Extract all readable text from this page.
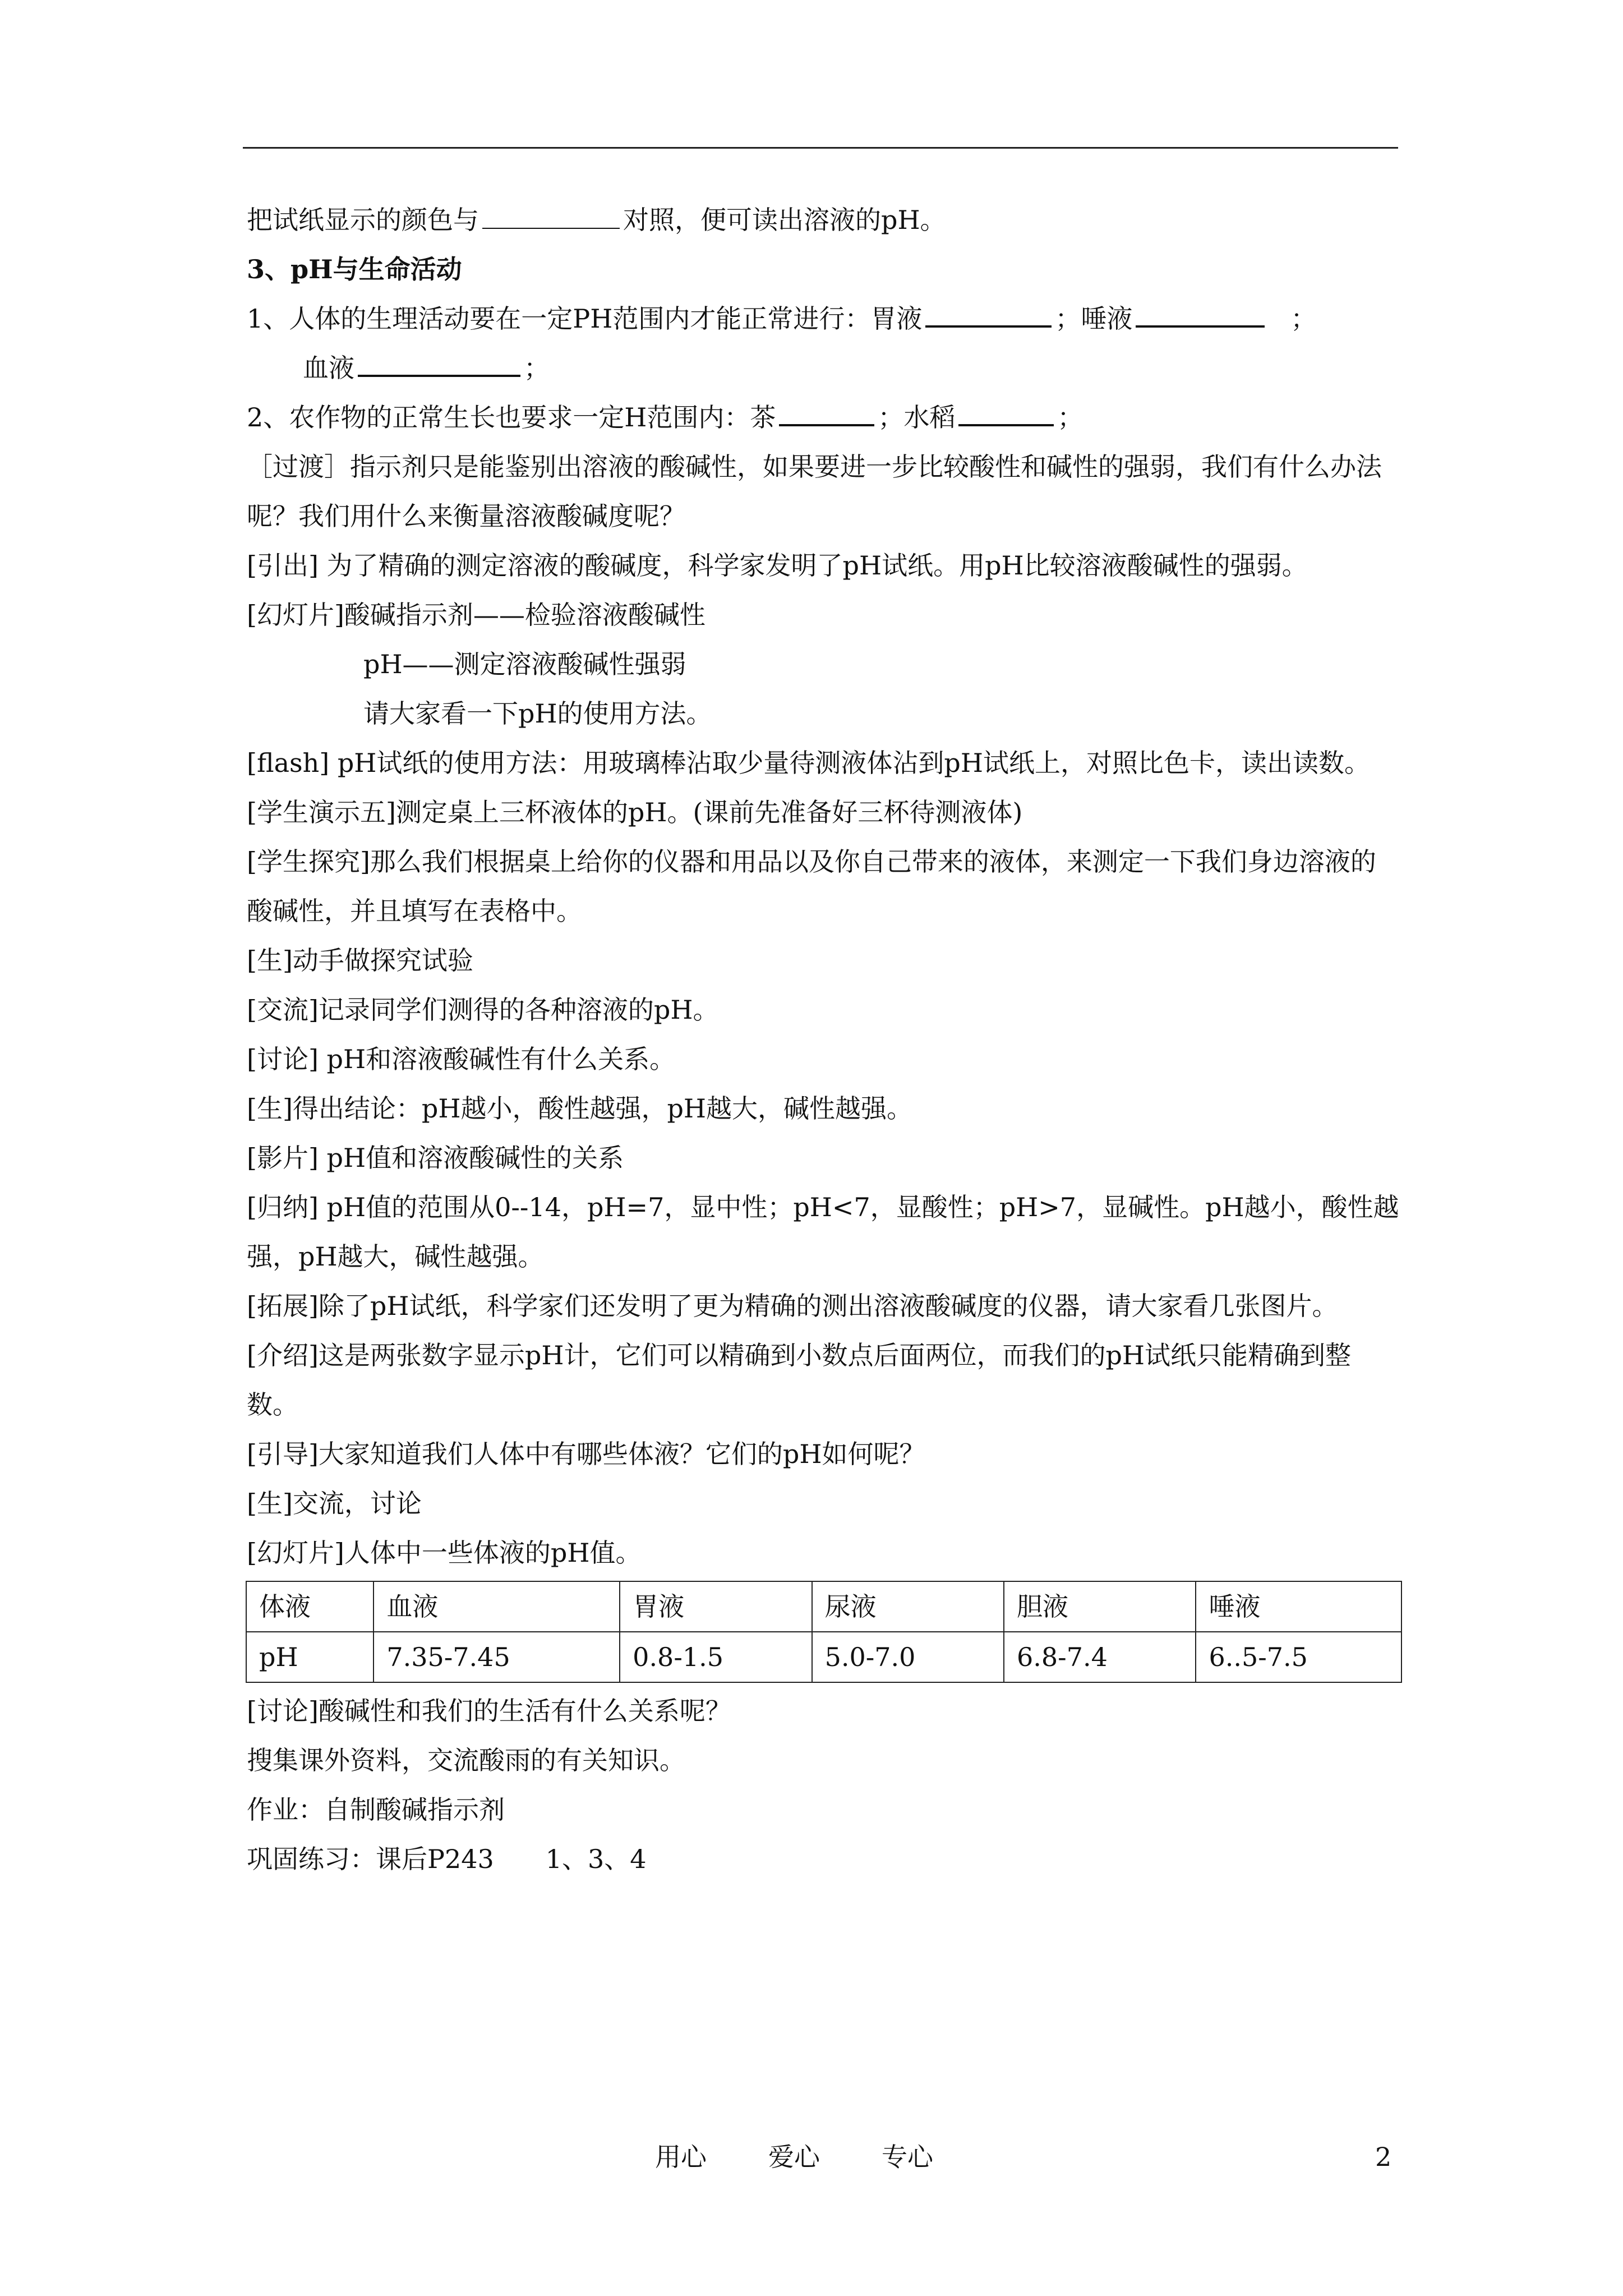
把试纸显示的颜色与	对照，便可读出溶液的pH。
3、pH与生命活动
1、人体的生理活动要在一定PH范围内才能正常进行：胃液	；唾液	；
血液	；
2、农作物的正常生长也要求一定H范围内：茶	；水稻	；
［过渡］指示剂只是能鉴别出溶液的酸碱性，如果要进一步比较酸性和碱性的强弱，我们有什么办法呢？我们用什么来衡量溶液酸碱度呢？
[引出] 为了精确的测定溶液的酸碱度，科学家发明了pH试纸。用pH比较溶液酸碱性的强弱。
[幻灯片]酸碱指示剂——检验溶液酸碱性
pH——测定溶液酸碱性强弱
请大家看一下pH的使用方法。
[flash] pH试纸的使用方法：用玻璃棒沾取少量待测液体沾到pH试纸上，对照比色卡，读出读数。
[学生演示五]测定桌上三杯液体的pH。(课前先准备好三杯待测液体)
[学生探究]那么我们根据桌上给你的仪器和用品以及你自己带来的液体，来测定一下我们身边溶液的酸碱性，并且填写在表格中。
[生]动手做探究试验
[交流]记录同学们测得的各种溶液的pH。
[讨论] pH和溶液酸碱性有什么关系。
[生]得出结论：pH越小，酸性越强，pH越大，碱性越强。
[影片] pH值和溶液酸碱性的关系
[归纳] pH值的范围从0--14，pH=7，显中性；pH<7，显酸性；pH>7，显碱性。pH越小，酸性越强，pH越大，碱性越强。
[拓展]除了pH试纸，科学家们还发明了更为精确的测出溶液酸碱度的仪器，请大家看几张图片。
[介绍]这是两张数字显示pH计，它们可以精确到小数点后面两位，而我们的pH试纸只能精确到整数。
[引导]大家知道我们人体中有哪些体液？它们的pH如何呢？
[生]交流，讨论
[幻灯片]人体中一些体液的pH值。
体液	血液	胃液	尿液	胆液	唾液
pH	7.35-7.45	0.8-1.5	5.0-7.0	6.8-7.4	6..5-7.5
[讨论]酸碱性和我们的生活有什么关系呢？
搜集课外资料，交流酸雨的有关知识。
作业：自制酸碱指示剂
巩固练习：课后P243　　1、3、4
用心 爱心 专心	2
